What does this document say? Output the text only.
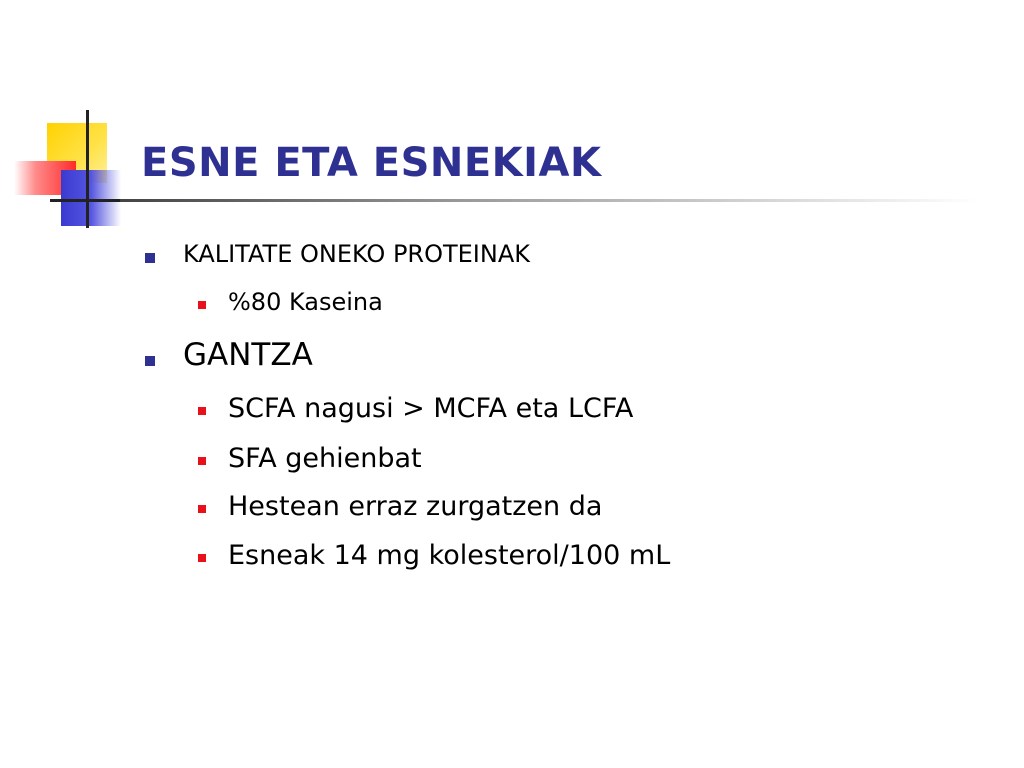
ESNE ETA ESNEKIAK
KALITATE ONEKO PROTEINAK
%80 Kaseina
GANTZA
SCFA nagusi > MCFA eta LCFA
SFA gehienbat
Hestean erraz zurgatzen da
Esneak 14 mg kolesterol/100 mL
